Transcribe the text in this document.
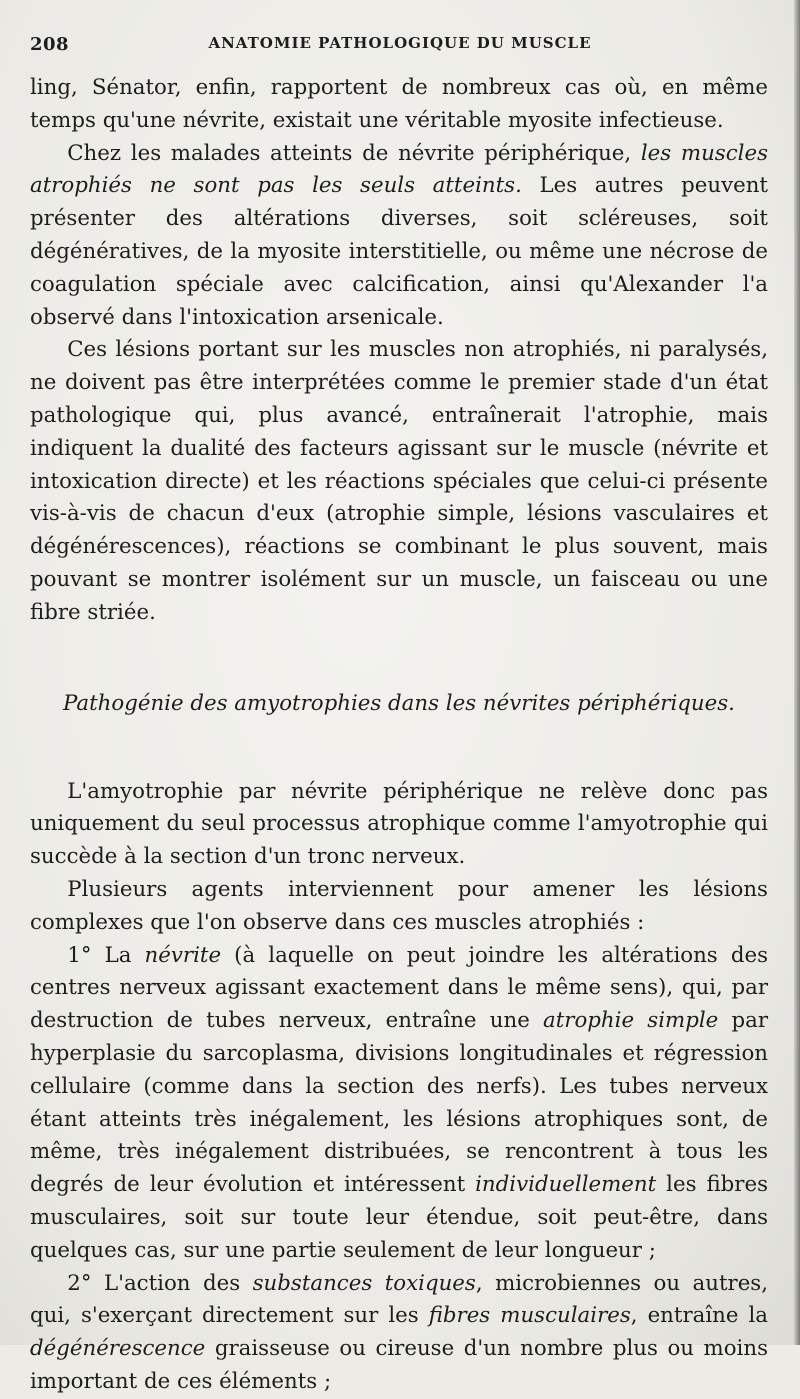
208	ANATOMIE PATHOLOGIQUE DU MUSCLE

ling, Sénator, enfin, rapportent de nombreux cas où, en même temps qu'une névrite, existait une véritable myosite infectieuse.

Chez les malades atteints de névrite périphérique, les muscles atrophiés ne sont pas les seuls atteints. Les autres peuvent présenter des altérations diverses, soit scléreuses, soit dégénératives, de la myosite interstitielle, ou même une nécrose de coagulation spéciale avec calcification, ainsi qu'Alexander l'a observé dans l'intoxication arsenicale.

Ces lésions portant sur les muscles non atrophiés, ni paralysés, ne doivent pas être interprétées comme le premier stade d'un état pathologique qui, plus avancé, entraînerait l'atrophie, mais indiquent la dualité des facteurs agissant sur le muscle (névrite et intoxication directe) et les réactions spéciales que celui-ci présente vis-à-vis de chacun d'eux (atrophie simple, lésions vasculaires et dégénérescences), réactions se combinant le plus souvent, mais pouvant se montrer isolément sur un muscle, un faisceau ou une fibre striée.

Pathogénie des amyotrophies dans les névrites périphériques.

L'amyotrophie par névrite périphérique ne relève donc pas uniquement du seul processus atrophique comme l'amyotrophie qui succède à la section d'un tronc nerveux.

Plusieurs agents interviennent pour amener les lésions complexes que l'on observe dans ces muscles atrophiés :

1° La névrite (à laquelle on peut joindre les altérations des centres nerveux agissant exactement dans le même sens), qui, par destruction de tubes nerveux, entraîne une atrophie simple par hyperplasie du sarcoplasma, divisions longitudinales et régression cellulaire (comme dans la section des nerfs). Les tubes nerveux étant atteints très inégalement, les lésions atrophiques sont, de même, très inégalement distribuées, se rencontrent à tous les degrés de leur évolution et intéressent individuellement les fibres musculaires, soit sur toute leur étendue, soit peut-être, dans quelques cas, sur une partie seulement de leur longueur ;

2° L'action des substances toxiques, microbiennes ou autres, qui, s'exerçant directement sur les fibres musculaires, entraîne la dégénérescence graisseuse ou cireuse d'un nombre plus ou moins important de ces éléments ;
